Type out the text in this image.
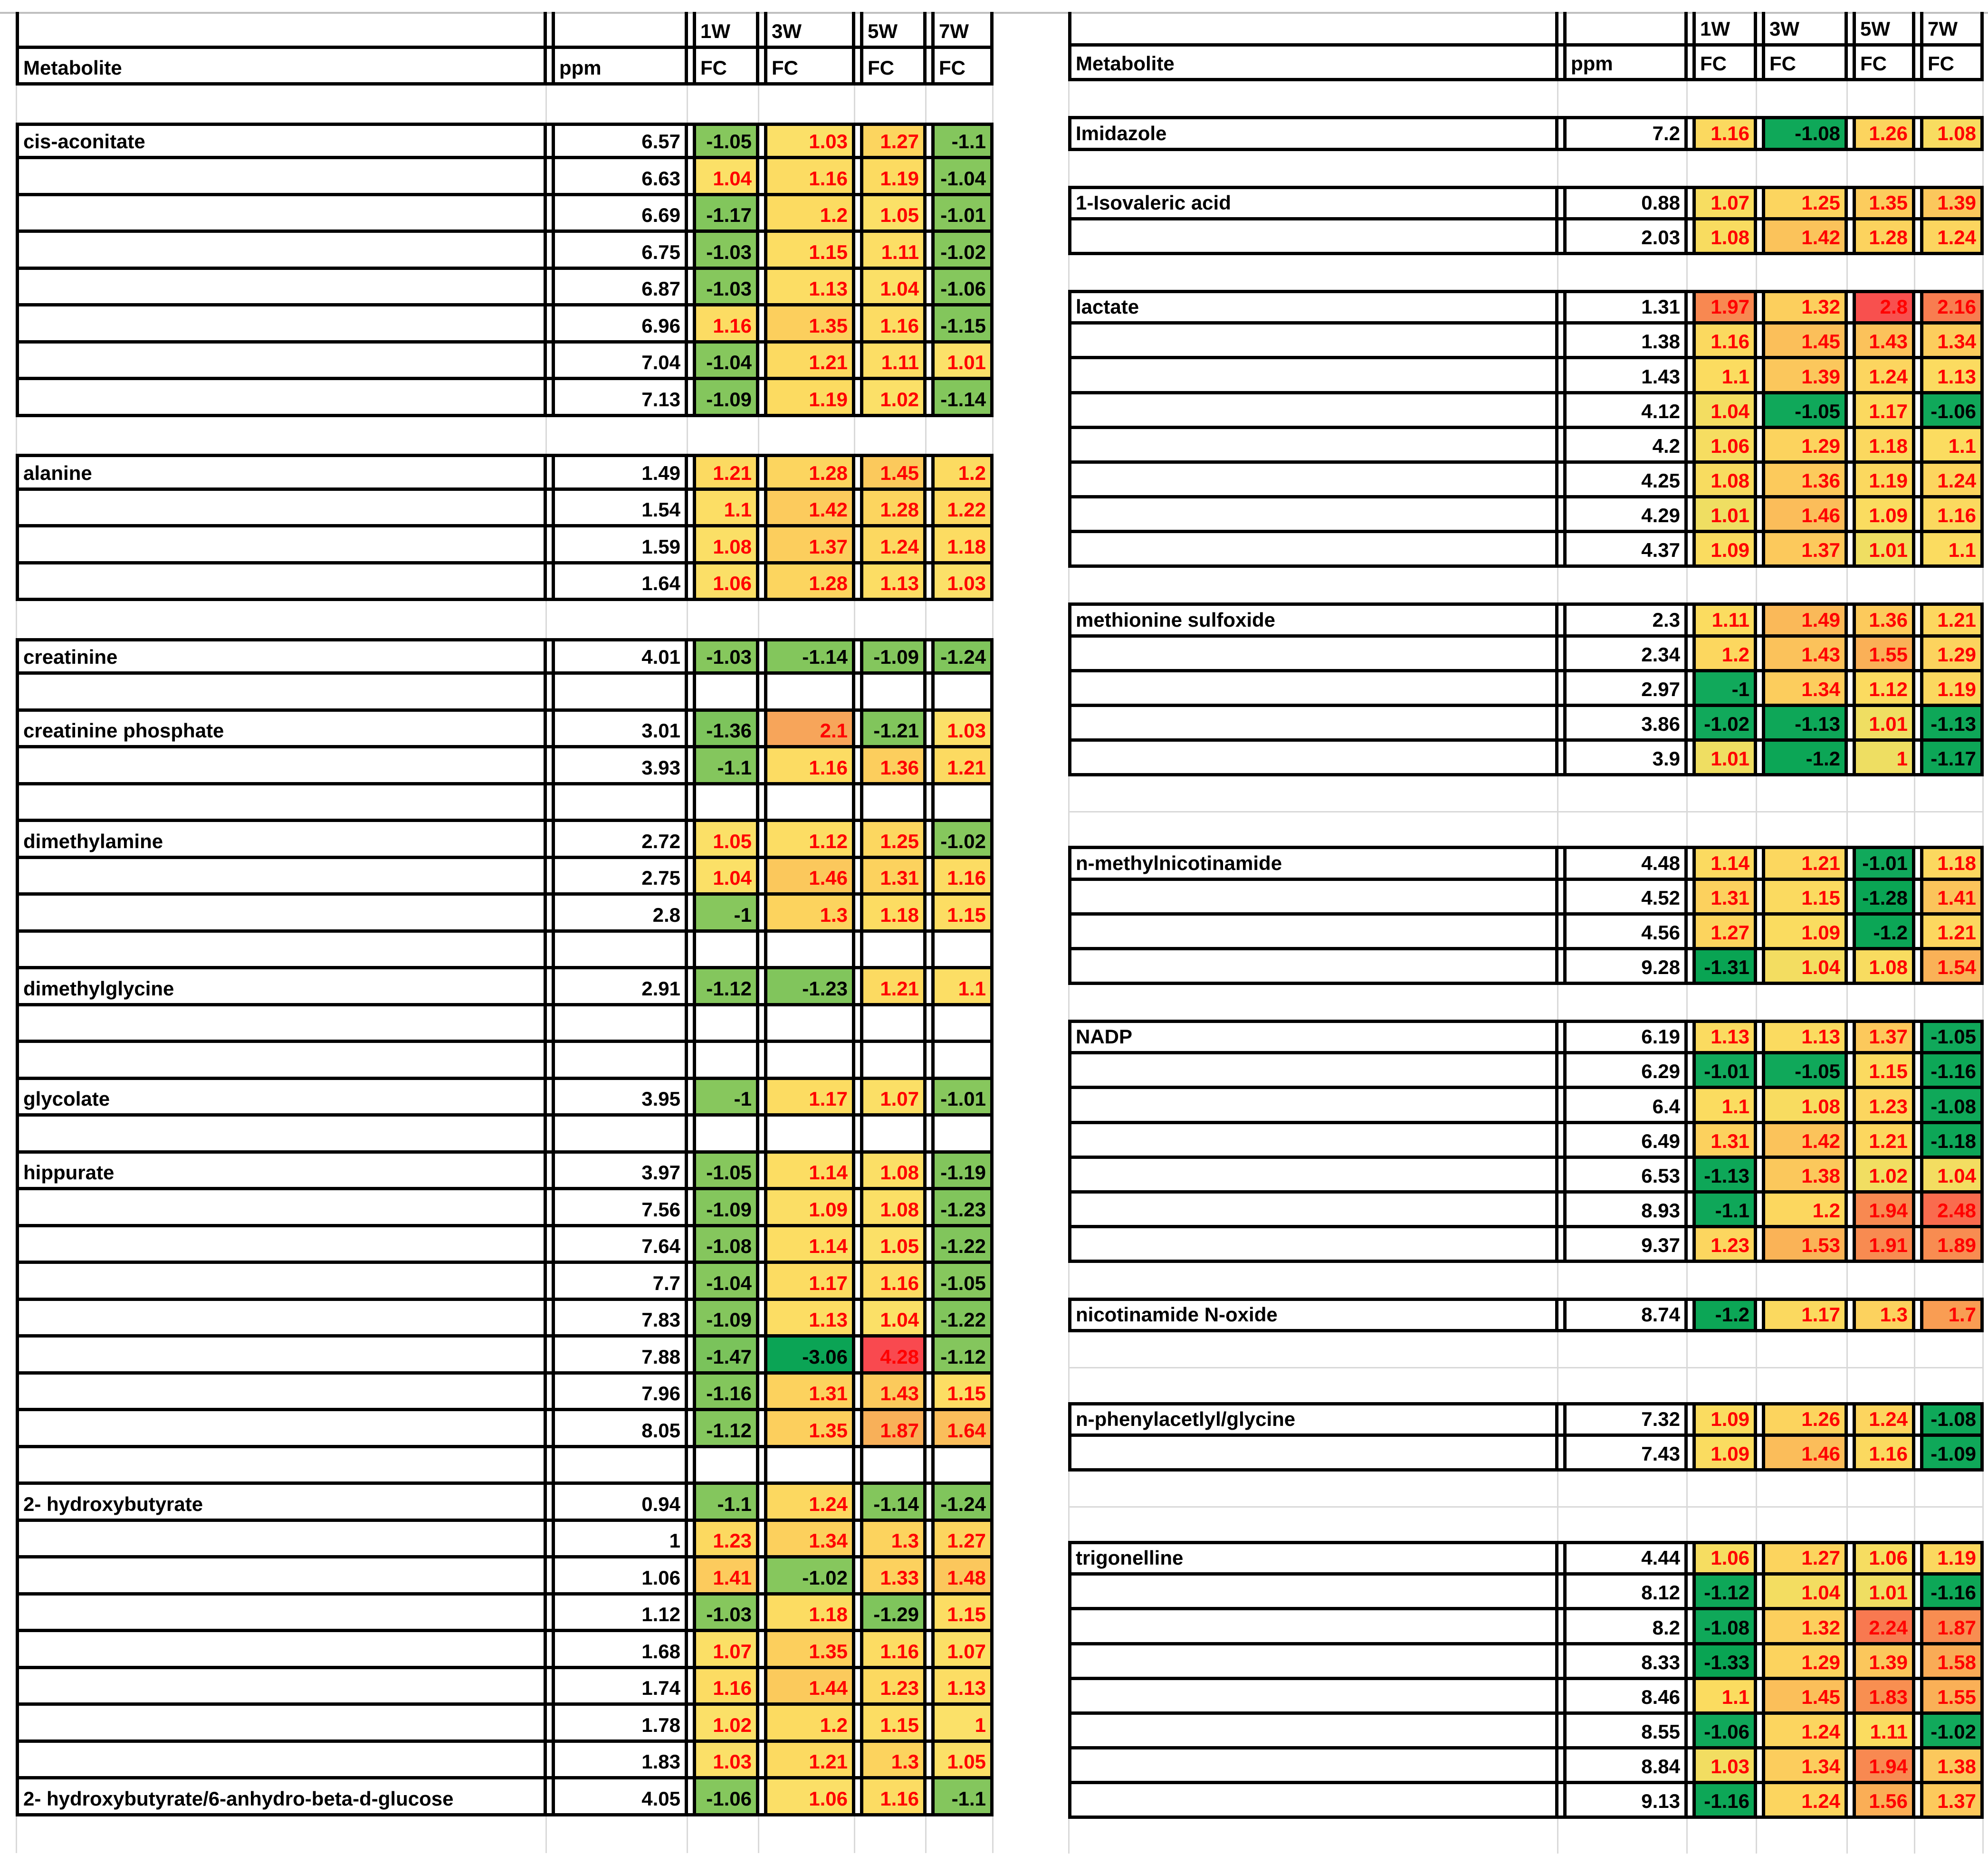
1W	3W	5W	7W
Metabolite	ppm	FC	FC	FC	FC
cis-aconitate	6.57	-1.05	1.03	1.27	-1.1
6.63	1.04	1.16	1.19	-1.04
6.69	-1.17	1.2	1.05	-1.01
6.75	-1.03	1.15	1.11	-1.02
6.87	-1.03	1.13	1.04	-1.06
6.96	1.16	1.35	1.16	-1.15
7.04	-1.04	1.21	1.11	1.01
7.13	-1.09	1.19	1.02	-1.14
alanine	1.49	1.21	1.28	1.45	1.2
1.54	1.1	1.42	1.28	1.22
1.59	1.08	1.37	1.24	1.18
1.64	1.06	1.28	1.13	1.03
creatinine	4.01	-1.03	-1.14	-1.09	-1.24
creatinine phosphate	3.01	-1.36	2.1	-1.21	1.03
3.93	-1.1	1.16	1.36	1.21
dimethylamine	2.72	1.05	1.12	1.25	-1.02
2.75	1.04	1.46	1.31	1.16
2.8	-1	1.3	1.18	1.15
dimethylglycine	2.91	-1.12	-1.23	1.21	1.1
glycolate	3.95	-1	1.17	1.07	-1.01
hippurate	3.97	-1.05	1.14	1.08	-1.19
7.56	-1.09	1.09	1.08	-1.23
7.64	-1.08	1.14	1.05	-1.22
7.7	-1.04	1.17	1.16	-1.05
7.83	-1.09	1.13	1.04	-1.22
7.88	-1.47	-3.06	4.28	-1.12
7.96	-1.16	1.31	1.43	1.15
8.05	-1.12	1.35	1.87	1.64
2- hydroxybutyrate	0.94	-1.1	1.24	-1.14	-1.24
1	1.23	1.34	1.3	1.27
1.06	1.41	-1.02	1.33	1.48
1.12	-1.03	1.18	-1.29	1.15
1.68	1.07	1.35	1.16	1.07
1.74	1.16	1.44	1.23	1.13
1.78	1.02	1.2	1.15	1
1.83	1.03	1.21	1.3	1.05
2- hydroxybutyrate/6-anhydro-beta-d-glucose	4.05	-1.06	1.06	1.16	-1.1
1W	3W	5W	7W
Metabolite	ppm	FC	FC	FC	FC
Imidazole	7.2	1.16	-1.08	1.26	1.08
1-Isovaleric acid	0.88	1.07	1.25	1.35	1.39
2.03	1.08	1.42	1.28	1.24
lactate	1.31	1.97	1.32	2.8	2.16
1.38	1.16	1.45	1.43	1.34
1.43	1.1	1.39	1.24	1.13
4.12	1.04	-1.05	1.17	-1.06
4.2	1.06	1.29	1.18	1.1
4.25	1.08	1.36	1.19	1.24
4.29	1.01	1.46	1.09	1.16
4.37	1.09	1.37	1.01	1.1
methionine sulfoxide	2.3	1.11	1.49	1.36	1.21
2.34	1.2	1.43	1.55	1.29
2.97	-1	1.34	1.12	1.19
3.86	-1.02	-1.13	1.01	-1.13
3.9	1.01	-1.2	1	-1.17
n-methylnicotinamide	4.48	1.14	1.21	-1.01	1.18
4.52	1.31	1.15	-1.28	1.41
4.56	1.27	1.09	-1.2	1.21
9.28	-1.31	1.04	1.08	1.54
NADP	6.19	1.13	1.13	1.37	-1.05
6.29	-1.01	-1.05	1.15	-1.16
6.4	1.1	1.08	1.23	-1.08
6.49	1.31	1.42	1.21	-1.18
6.53	-1.13	1.38	1.02	1.04
8.93	-1.1	1.2	1.94	2.48
9.37	1.23	1.53	1.91	1.89
nicotinamide N-oxide	8.74	-1.2	1.17	1.3	1.7
n-phenylacetlyl/glycine	7.32	1.09	1.26	1.24	-1.08
7.43	1.09	1.46	1.16	-1.09
trigonelline	4.44	1.06	1.27	1.06	1.19
8.12	-1.12	1.04	1.01	-1.16
8.2	-1.08	1.32	2.24	1.87
8.33	-1.33	1.29	1.39	1.58
8.46	1.1	1.45	1.83	1.55
8.55	-1.06	1.24	1.11	-1.02
8.84	1.03	1.34	1.94	1.38
9.13	-1.16	1.24	1.56	1.37
